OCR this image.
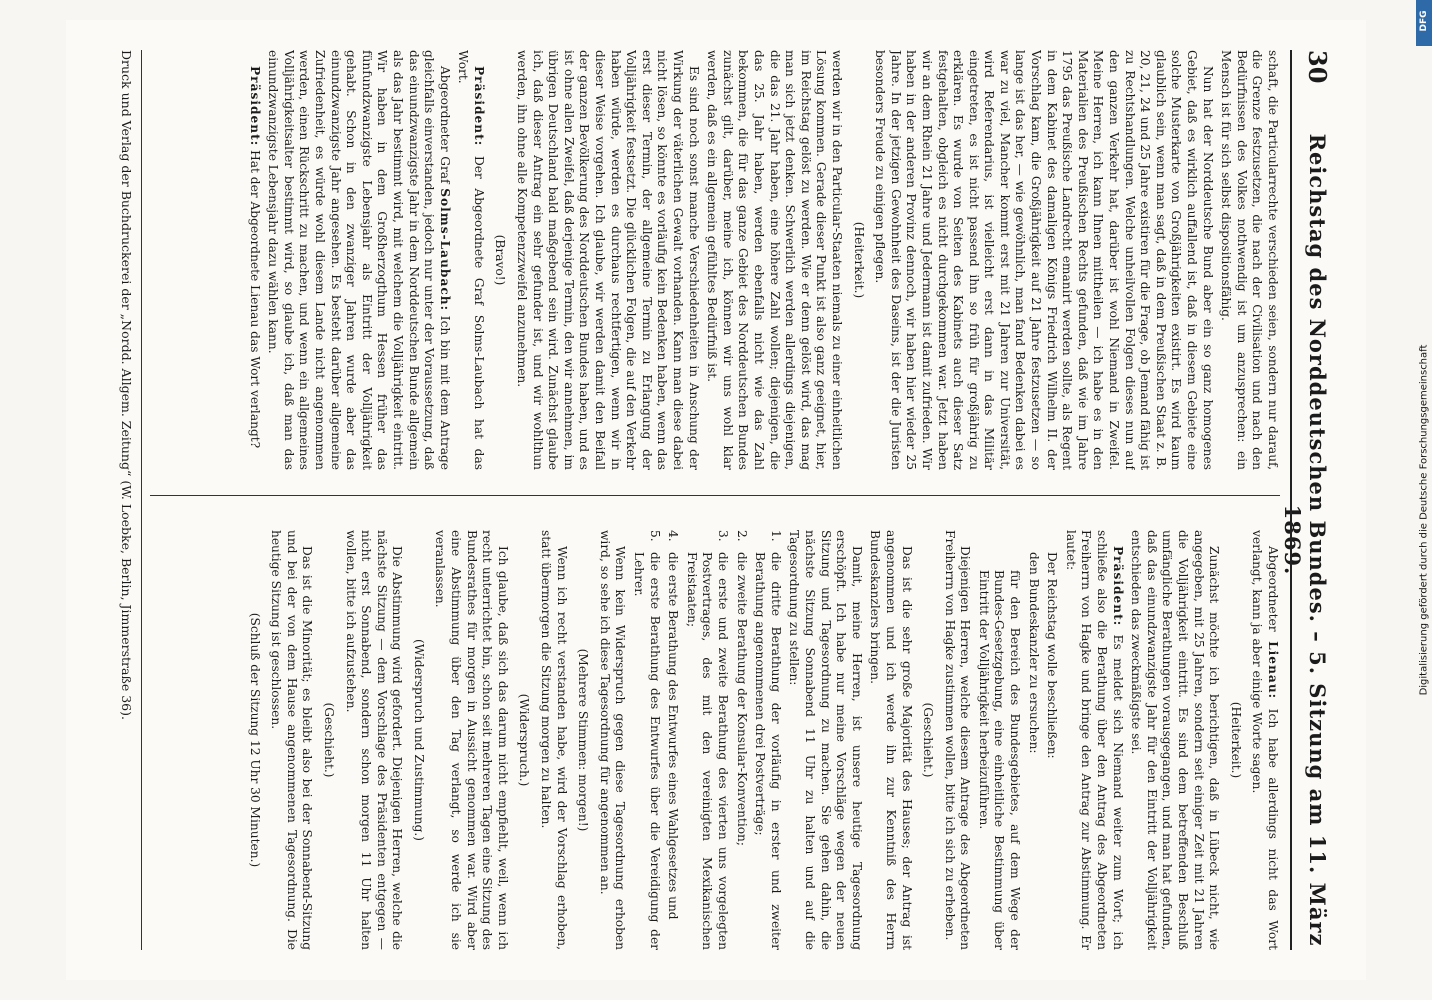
30
Reichstag des Norddeutschen Bundes. – 5. Sitzung am 11. März 1869.

schaft, die Particularrechte verschieden seien, sondern nur darauf, die Grenze festzusetzen, die nach der Civilisation und nach den Bedürfnissen des Volkes nothwendig ist um anzusprechen: ein Mensch ist für sich selbst dispositionsfähig.

Nun hat der Norddeutsche Bund aber ein so ganz homogenes Gebiet, daß es wirklich auffallend ist, daß in diesem Gebiete eine solche Musterkarte von Großjährigkeiten existirt. Es wird kaum glaublich sein, wenn man sagt, daß in dem Preußischen Staat z. B. 20, 21, 24 und 25 Jahre existiren für die Frage, ob Jemand fähig ist zu Rechtshandlungen. Welche unheilvollen Folgen dieses nun auf den ganzen Verkehr hat, darüber ist wohl Niemand in Zweifel. Meine Herren, ich kann Ihnen mittheilen — ich habe es in den Materialien des Preußischen Rechts gefunden, daß wie im Jahre 1795 das Preußische Landrecht emanirt werden sollte, als Regent in dem Kabinet des damaligen Königs Friedrich Wilhelm II. der Vorschlag kam, die Großjährigkeit auf 21 Jahre festzusetzen — so lange ist das her, — wie gewöhnlich, man fand Bedenken dabei es war zu viel, Mancher kommt erst mit 21 Jahren zur Universität, wird Referendarius, ist vielleicht erst dann in das Militär eingetreten, es ist nicht passend ihn so früh für großjährig zu erklären. Es wurde von Seiten des Kabinets auch dieser Satz festgehalten, obgleich es nicht durchgekommen war. Jetzt haben wir an dem Rhein 21 Jahre und Jedermann ist damit zufrieden. Wir haben in der anderen Provinz dennoch, wir haben hier wieder 25 Jahre. In der jetzigen Gewohnheit des Daseins, ist der die Juristen besonders Freude zu einigen pflegen.

(Heiterkeit.)

werden wir in den Particular-Staaten niemals zu einer einheitlichen Lösung kommen. Gerade dieser Punkt ist also ganz geeignet, hier, im Reichstag gelöst zu werden. Wie er denn gelöst wird, das mag man sich jetzt denken. Schwerlich werden allerdings diejenigen, die das 21. Jahr haben, eine höhere Zahl wollen; diejenigen, die das 25. Jahr haben, werden ebenfalls nicht wie das Zahl bekommen, die für das ganze Gebiet des Norddeutschen Bundes zunächst gilt, darüber, meine ich, können wir uns wohl klar werden, daß es ein allgemein gefühltes Bedürfniß ist.

Es sind noch sonst manche Verschiedenheiten in Anschung der Wirkung der väterlichen Gewalt vorhanden. Kann man diese dabei nicht lösen, so könnte es vorläufig kein Bedenken haben, wenn das erst dieser Termin, der allgemeine Termin zu Erlangung der Volljährigkeit festsetzt. Die glücklichen Folgen, die auf den Verkehr haben würde, werden es durchaus rechtfertigen, wenn wir in dieser Weise vorgehen. Ich glaube, wir werden damit den Beifall der ganzen Bevölkerung des Norddeutschen Bundes haben, und es ist ohne allen Zweifel, daß derjenige Termin, den wir annehmen, im übrigen Deutschland bald maßgebend sein wird. Zunächst glaube ich, daß dieser Antrag ein sehr gefunder ist, und wir wohlthun werden, ihn ohne alle Kompetenzzweifel anzunehmen.

(Bravo!)

Präsident: Der Abgeordnete Graf Solms-Laubach hat das Wort.

Abgeordneter Graf Solms-Laubach: Ich bin mit dem Antrage gleichfalls einverstanden, jedoch nur unter der Voraussetzung, daß das einundzwanzigste Jahr in dem Norddeutschen Bunde allgemein als das Jahr bestimmt wird, mit welchem die Volljährigkeit eintritt. Wir haben in dem Großherzogthum Hessen früher das fünfundzwanzigste Lebensjahr als Eintritt der Volljährigkeit gehabt. Schon in den zwanziger Jahren wurde aber das einundzwanzigste Jahr angesehen. Es besteht darüber allgemeine Zufriedenheit, es würde wohl diesem Lande nicht angenommen werden, einen Rückschritt zu machen, und wenn ein allgemeines Volljährigkeitsalter bestimmt wird, so glaube ich, daß man das einundzwanzigste Lebensjahr dazu wählen kann.

Präsident: Hat der Abgeordnete Lienau das Wort verlangt?

Abgeordneter Lienau: Ich habe allerdings nicht das Wort verlangt, kann ja aber einige Worte sagen.

(Heiterkeit.)

Zunächst möchte ich berichtigen, daß in Lübeck nicht, wie angegeben, mit 25 Jahren, sondern seit einiger Zeit mit 21 Jahren die Volljährigkeit eintritt. Es sind dem betreffenden Beschluß umfängliche Berathungen vorausgegangen, und man hat gefunden, daß das einundzwanzigste Jahr für den Eintritt der Volljährigkeit entschieden das zweckmäßigste sei.

Präsident: Es meldet sich Niemand weiter zum Wort; ich schließe also die Berathung über den Antrag des Abgeordneten Freiherrn von Hagke und bringe den Antrag zur Abstimmung. Er lautet:

Der Reichstag wolle beschließen:

den Bundeskanzler zu ersuchen:

für den Bereich des Bundesgebietes, auf dem Wege der Bundes-Gesetzgebung, eine einheitliche Bestimmung über Eintritt der Volljährigkeit herbeizuführen.

Diejenigen Herren, welche diesem Antrage des Abgeordneten Freiherrn von Hagke zustimmen wollen, bitte ich sich zu erheben.

(Geschieht.)

Das ist die sehr große Majorität des Hauses; der Antrag ist angenommen und ich werde ihn zur Kenntniß des Herrn Bundeskanzlers bringen.

Damit, meine Herren, ist unsere heutige Tagesordnung erschöpft. Ich habe nur meine Vorschläge wegen der neuen Sitzung und Tagesordnung zu machen. Sie gehen dahin, die nächste Sitzung Sonnabend 11 Uhr zu halten und auf die Tagesordnung zu stellen:

1.die dritte Berathung der vorläufig in erster und zweiter Berathung angenommenen drei Postverträge;

2.die zweite Berathung der Konsular-Konvention;

3.die erste und zweite Berathung des vierten uns vorgelegten Postvertrages, des mit den vereinigten Mexikanischen Freistaaten;

4.die erste Berathung des Entwurfes eines Wahlgesetzes und

5.die erste Berathung des Entwurfes über die Vereidigung der Lehrer.

Wenn kein Widerspruch gegen diese Tagesordnung erhoben wird, so sehe ich diese Tagesordnung für angenommen an.

(Mehrere Stimmen: morgen!)

Wenn ich recht verstanden habe, wird der Vorschlag erhoben, statt übermorgen die Sitzung morgen zu halten.

(Widerspruch.)

Ich glaube, daß sich das darum nicht empfiehlt, weil, wenn ich recht unterrichtet bin, schon seit mehreren Tagen eine Sitzung des Bundesrathes für morgen in Aussicht genommen war. Wird aber eine Abstimmung über den Tag verlangt, so werde ich sie veranlassen.

(Widerspruch und Zustimmung.)

Die Abstimmung wird gefordert. Diejenigen Herren, welche die nächste Sitzung — dem Vorschlage des Präsidenten entgegen — nicht erst Sonnabend, sondern schon morgen 11 Uhr halten wollen, bitte ich aufzustehen.

(Geschieht.)

Das ist die Minorität; es bleibt also bei der Sonnabend-Sitzung und bei der von dem Hause angenommenen Tagesordnung. Die heutige Sitzung ist geschlossen.

(Schluß der Sitzung 12 Uhr 30 Minuten.)

Druck und Verlag der Buchdruckerei der „Nordd. Allgem. Zeitung“ (W. Loebke, Berlin, Jimmerstraße 36).
DFG
Digitalisierung gefördert durch die Deutsche Forschungsgemeinschaft
